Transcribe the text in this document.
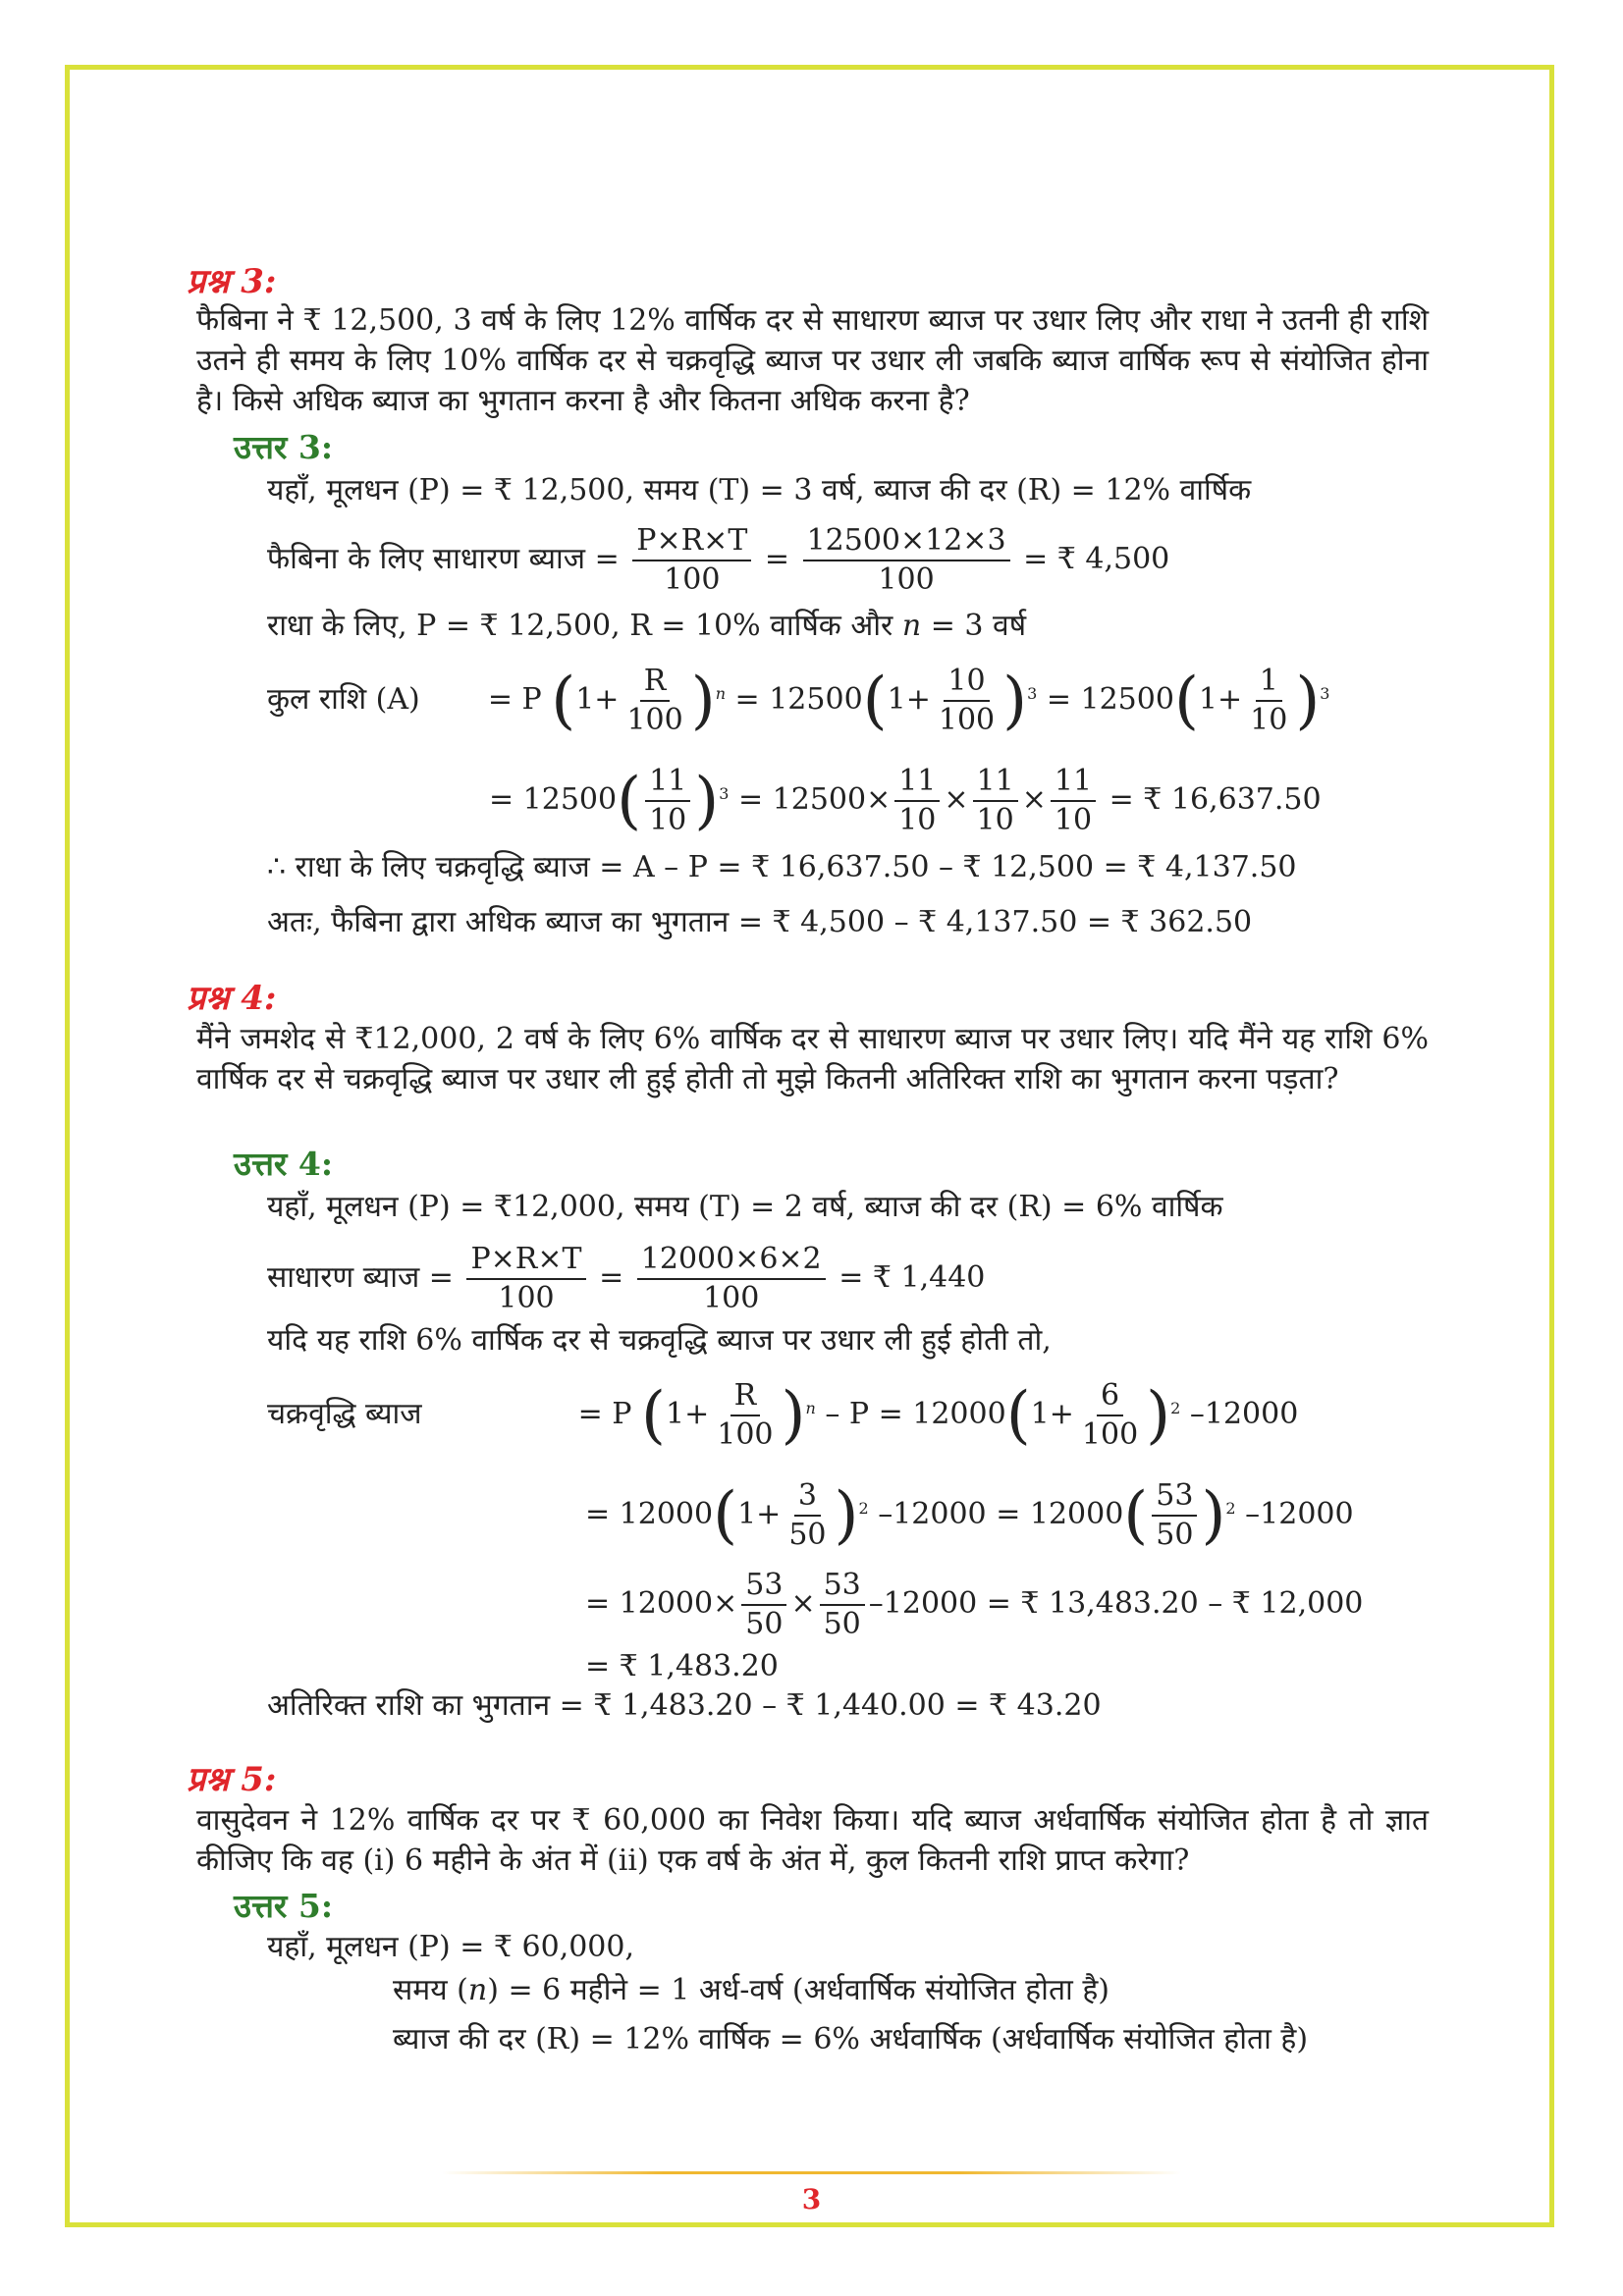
प्रश्न 3:
फैबिना ने ₹ 12,500, 3 वर्ष के लिए 12% वार्षिक दर से साधारण ब्याज पर उधार लिए और राधा ने उतनी ही राशि उतने ही समय के लिए 10% वार्षिक दर से चक्रवृद्धि ब्याज पर उधार ली जबकि ब्याज वार्षिक रूप से संयोजित होना है। किसे अधिक ब्याज का भुगतान करना है और कितना अधिक करना है?
उत्तर 3:
यहाँ, मूलधन (P) = ₹ 12,500, समय (T) = 3 वर्ष, ब्याज की दर (R) = 12% वार्षिक
फैबिना के लिए साधारण ब्याज = $\frac{P\times R\times T}{100} = \frac{12500\times 12\times 3}{100}$ = ₹ 4,500
राधा के लिए, P = ₹ 12,500, R = 10% वार्षिक और n = 3 वर्ष
कुल राशि (A) = P $(1+ \frac{R}{100} )^n = 12500(1+ \frac{10}{100} )^3 = 12500(1+ \frac{1}{10} )^3$
= $12500( \frac{11}{10} )^3 = 12500\times \frac{11}{10} \times \frac{11}{10} \times \frac{11}{10}$ = ₹ 16,637.50
∴ राधा के लिए चक्रवृद्धि ब्याज = A – P = ₹ 16,637.50 – ₹ 12,500 = ₹ 4,137.50
अतः, फैबिना द्वारा अधिक ब्याज का भुगतान = ₹ 4,500 – ₹ 4,137.50 = ₹ 362.50
प्रश्न 4:
मैंने जमशेद से ₹12,000, 2 वर्ष के लिए 6% वार्षिक दर से साधारण ब्याज पर उधार लिए। यदि मैंने यह राशि 6% वार्षिक दर से चक्रवृद्धि ब्याज पर उधार ली हुई होती तो मुझे कितनी अतिरिक्त राशि का भुगतान करना पड़ता?
उत्तर 4:
यहाँ, मूलधन (P) = ₹12,000, समय (T) = 2 वर्ष, ब्याज की दर (R) = 6% वार्षिक
साधारण ब्याज = $\frac{P\times R\times T}{100} = \frac{12000\times 6\times 2}{100}$ = ₹ 1,440
यदि यह राशि 6% वार्षिक दर से चक्रवृद्धि ब्याज पर उधार ली हुई होती तो,
चक्रवृद्धि ब्याज	= P $(1+ \frac{R}{100} )^n - P = 12000(1+ \frac{6}{100} )^2$ –12000
= $12000(1+ \frac{3}{50} )^2$ $-12000 = 12000( \frac{53}{50} )^2$ –12000
= $12000\times \frac{53}{50} \times \frac{53}{50} -12000$ = ₹ 13,483.20 – ₹ 12,000
= ₹ 1,483.20
अतिरिक्त राशि का भुगतान = ₹ 1,483.20 – ₹ 1,440.00 = ₹ 43.20
प्रश्न 5:
वासुदेवन ने 12% वार्षिक दर पर ₹ 60,000 का निवेश किया। यदि ब्याज अर्धवार्षिक संयोजित होता है तो ज्ञात कीजिए कि वह (i) 6 महीने के अंत में (ii) एक वर्ष के अंत में, कुल कितनी राशि प्राप्त करेगा?
उत्तर 5:
यहाँ, मूलधन (P) = ₹ 60,000,
समय (n) = 6 महीने = 1 अर्ध-वर्ष (अर्धवार्षिक संयोजित होता है)
ब्याज की दर (R) = 12% वार्षिक = 6% अर्धवार्षिक (अर्धवार्षिक संयोजित होता है)
3
